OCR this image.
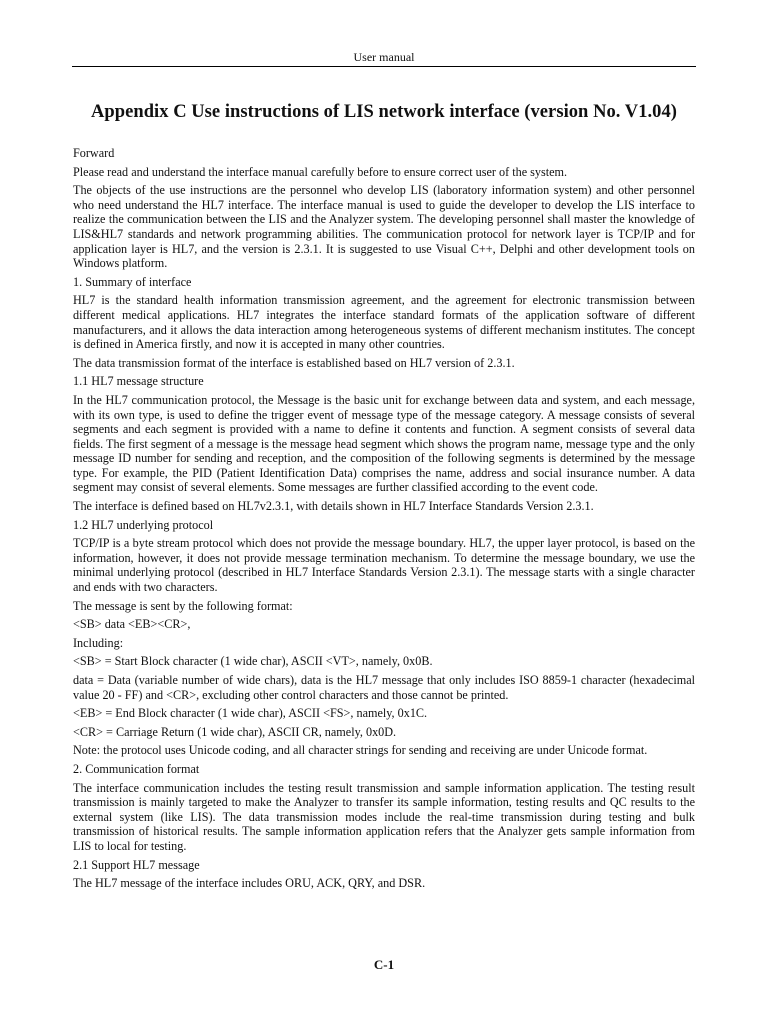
User manual
Appendix C Use instructions of LIS network interface (version No. V1.04)

Forward

Please read and understand the interface manual carefully before to ensure correct user of the system.

The objects of the use instructions are the personnel who develop LIS (laboratory information system) and other personnel who need understand the HL7 interface. The interface manual is used to guide the developer to develop the LIS interface to realize the communication between the LIS and the Analyzer system. The developing personnel shall master the knowledge of LIS&HL7 standards and network programming abilities. The communication protocol for network layer is TCP/IP and for application layer is HL7, and the version is 2.3.1. It is suggested to use Visual C++, Delphi and other development tools on Windows platform.

1. Summary of interface

HL7 is the standard health information transmission agreement, and the agreement for electronic transmission between different medical applications. HL7 integrates the interface standard formats of the application software of different manufacturers, and it allows the data interaction among heterogeneous systems of different mechanism institutes. The concept is defined in America firstly, and now it is accepted in many other countries.

The data transmission format of the interface is established based on HL7 version of 2.3.1.

1.1 HL7 message structure

In the HL7 communication protocol, the Message is the basic unit for exchange between data and system, and each message, with its own type, is used to define the trigger event of message type of the message category. A message consists of several segments and each segment is provided with a name to define it contents and function. A segment consists of several data fields. The first segment of a message is the message head segment which shows the program name, message type and the only message ID number for sending and reception, and the composition of the following segments is determined by the message type. For example, the PID (Patient Identification Data) comprises the name, address and social insurance number. A data segment may consist of several elements. Some messages are further classified according to the event code.

The interface is defined based on HL7v2.3.1, with details shown in HL7 Interface Standards Version 2.3.1.

1.2 HL7 underlying protocol

TCP/IP is a byte stream protocol which does not provide the message boundary. HL7, the upper layer protocol, is based on the information, however, it does not provide message termination mechanism. To determine the message boundary, we use the minimal underlying protocol (described in HL7 Interface Standards Version 2.3.1). The message starts with a single character and ends with two characters.

The message is sent by the following format:

<SB> data <EB><CR>,

Including:

<SB> = Start Block character (1 wide char), ASCII <VT>, namely, 0x0B.

data = Data (variable number of wide chars), data is the HL7 message that only includes ISO 8859-1 character (hexadecimal value 20 - FF) and <CR>, excluding other control characters and those cannot be printed.

<EB> = End Block character (1 wide char), ASCII <FS>, namely, 0x1C.

<CR> = Carriage Return (1 wide char), ASCII CR, namely, 0x0D.

Note: the protocol uses Unicode coding, and all character strings for sending and receiving are under Unicode format.

2. Communication format

The interface communication includes the testing result transmission and sample information application. The testing result transmission is mainly targeted to make the Analyzer to transfer its sample information, testing results and QC results to the external system (like LIS). The data transmission modes include the real-time transmission during testing and bulk transmission of historical results. The sample information application refers that the Analyzer gets sample information from LIS to local for testing.

2.1 Support HL7 message

The HL7 message of the interface includes ORU, ACK, QRY, and DSR.

C-1
